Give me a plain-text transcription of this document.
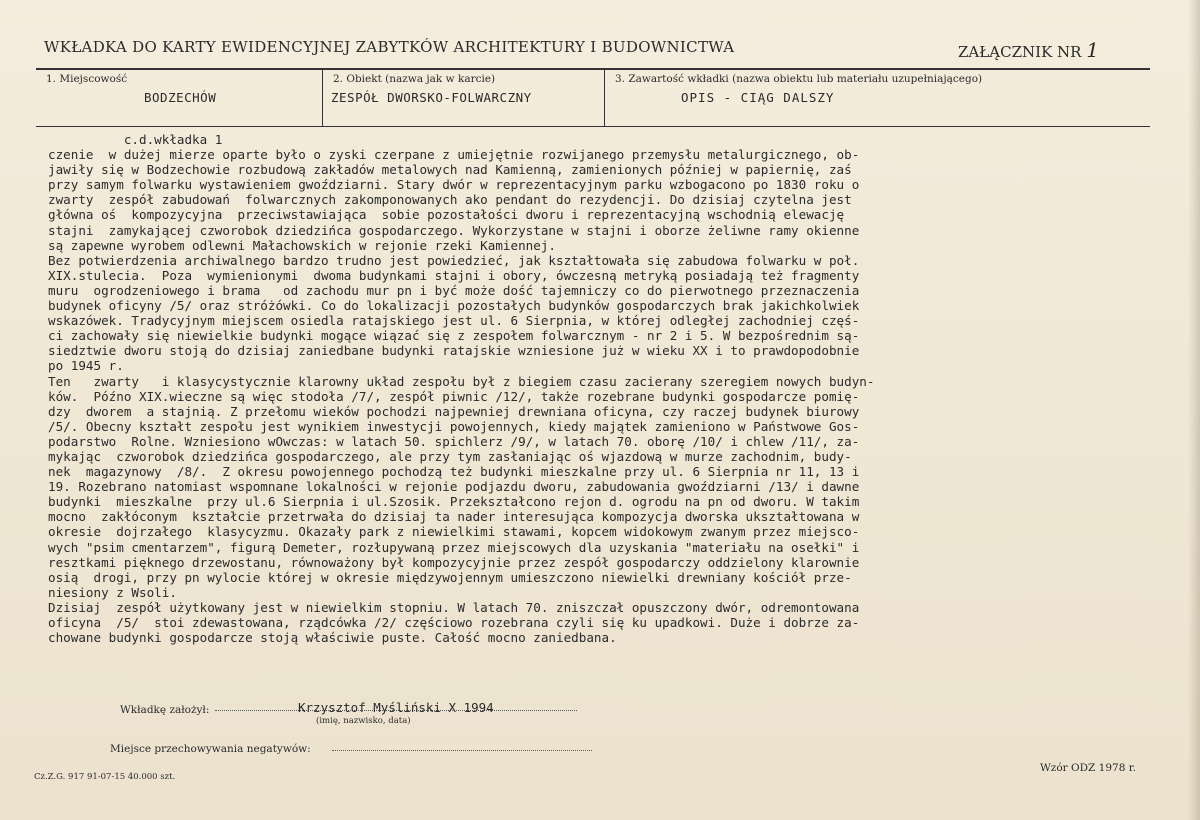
WKŁADKA DO KARTY EWIDENCYJNEJ ZABYTKÓW ARCHITEKTURY I BUDOWNICTWA	ZAŁĄCZNIK NR 1
1. Miejscowość
BODZECHÓW
2. Obiekt (nazwa jak w karcie)
ZESPÓŁ DWORSKO-FOLWARCZNY
3. Zawartość wkładki (nazwa obiektu lub materiału uzupełniającego)
OPIS - CIĄG DALSZY
c.d.wkładka 1
czenie  w dużej mierze oparte było o zyski czerpane z umiejętnie rozwijanego przemysłu metalurgicznego, ob-
jawiły się w Bodzechowie rozbudową zakładów metalowych nad Kamienną, zamienionych później w papiernię, zaś
przy samym folwarku wystawieniem gwoździarni. Stary dwór w reprezentacyjnym parku wzbogacono po 1830 roku o
zwarty  zespół zabudowań  folwarcznych zakomponowanych ako pendant do rezydencji. Do dzisiaj czytelna jest
główna oś  kompozycyjna  przeciwstawiająca  sobie pozostałości dworu i reprezentacyjną wschodnią elewację
stajni  zamykającej czworobok dziedzińca gospodarczego. Wykorzystane w stajni i oborze żeliwne ramy okienne
są zapewne wyrobem odlewni Małachowskich w rejonie rzeki Kamiennej.
Bez potwierdzenia archiwalnego bardzo trudno jest powiedzieć, jak kształtowała się zabudowa folwarku w poł.
XIX.stulecia.  Poza  wymienionymi  dwoma budynkami stajni i obory, ówczesną metryką posiadają też fragmenty
muru  ogrodzeniowego i brama   od zachodu mur pn i być może dość tajemniczy co do pierwotnego przeznaczenia
budynek oficyny /5/ oraz stróżówki. Co do lokalizacji pozostałych budynków gospodarczych brak jakichkolwiek
wskazówek. Tradycyjnym miejscem osiedla ratajskiego jest ul. 6 Sierpnia, w której odległej zachodniej częś-
ci zachowały się niewielkie budynki mogące wiązać się z zespołem folwarcznym - nr 2 i 5. W bezpośrednim są-
siedztwie dworu stoją do dzisiaj zaniedbane budynki ratajskie wzniesione już w wieku XX i to prawdopodobnie
po 1945 r.
Ten   zwarty   i klasycystycznie klarowny układ zespołu był z biegiem czasu zacierany szeregiem nowych budyn-
ków.  Późno XIX.wieczne są więc stodoła /7/, zespół piwnic /12/, także rozebrane budynki gospodarcze pomię-
dzy  dworem  a stajnią. Z przełomu wieków pochodzi najpewniej drewniana oficyna, czy raczej budynek biurowy
/5/. Obecny kształt zespołu jest wynikiem inwestycji powojennych, kiedy majątek zamieniono w Państwowe Gos-
podarstwo  Rolne. Wzniesiono wOwczas: w latach 50. spichlerz /9/, w latach 70. oborę /10/ i chlew /11/, za-
mykając  czworobok dziedzińca gospodarczego, ale przy tym zasłaniając oś wjazdową w murze zachodnim, budy-
nek  magazynowy  /8/.  Z okresu powojennego pochodzą też budynki mieszkalne przy ul. 6 Sierpnia nr 11, 13 i
19. Rozebrano natomiast wspomnane lokalności w rejonie podjazdu dworu, zabudowania gwoździarni /13/ i dawne
budynki  mieszkalne  przy ul.6 Sierpnia i ul.Szosik. Przekształcono rejon d. ogrodu na pn od dworu. W takim
mocno  zakłóconym  kształcie przetrwała do dzisiaj ta nader interesująca kompozycja dworska ukształtowana w
okresie  dojrzałego  klasycyzmu. Okazały park z niewielkimi stawami, kopcem widokowym zwanym przez miejsco-
wych "psim cmentarzem", figurą Demeter, rozłupywaną przez miejscowych dla uzyskania "materiału na osełki" i
resztkami pięknego drzewostanu, równoważony był kompozycyjnie przez zespół gospodarczy oddzielony klarownie
osią  drogi, przy pn wylocie której w okresie międzywojennym umieszczono niewielki drewniany kościół prze-
niesiony z Wsoli.
Dzisiaj  zespół użytkowany jest w niewielkim stopniu. W latach 70. zniszczał opuszczony dwór, odremontowana
oficyna  /5/  stoi zdewastowana, rządcówka /2/ częściowo rozebrana czyli się ku upadkowi. Duże i dobrze za-
chowane budynki gospodarcze stoją właściwie puste. Całość mocno zaniedbana.
Wkładkę założył:	Krzysztof Myśliński X 1994
(imię, nazwisko, data)
Miejsce przechowywania negatywów:
Cz.Z.G. 917 91-07-15 40.000 szt.
Wzór ODZ 1978 r.
